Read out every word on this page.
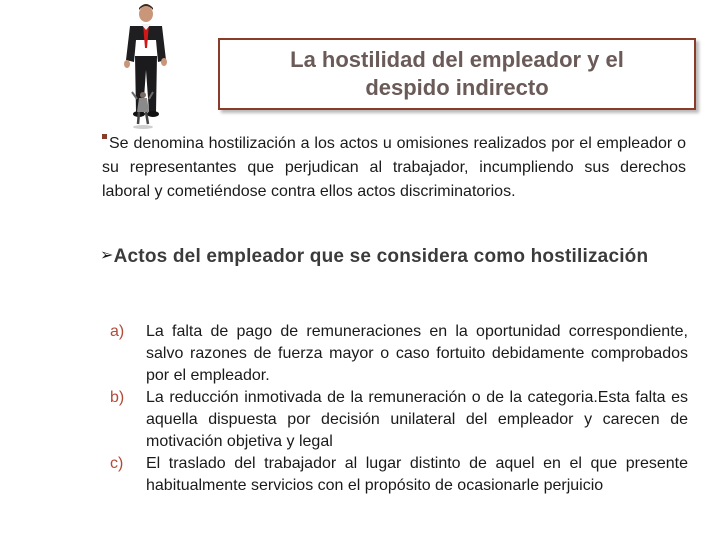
La hostilidad del empleador y el
despido indirecto
Se denomina hostilización a los actos u omisiones realizados por el empleador o su representantes que perjudican al trabajador, incumpliendo sus derechos laboral y cometiéndose contra ellos actos discriminatorios.
➢Actos del empleador que se considera como hostilización
a)	La falta de pago de remuneraciones en la oportunidad correspondiente, salvo razones de fuerza mayor o caso fortuito debidamente comprobados por el empleador.
b)	La reducción inmotivada de la remuneración o de la categoria.Esta falta es aquella dispuesta por decisión unilateral del empleador y carecen de motivación objetiva y legal
c)	El traslado del trabajador al lugar distinto de aquel en el que presente habitualmente servicios con el propósito de ocasionarle perjuicio
